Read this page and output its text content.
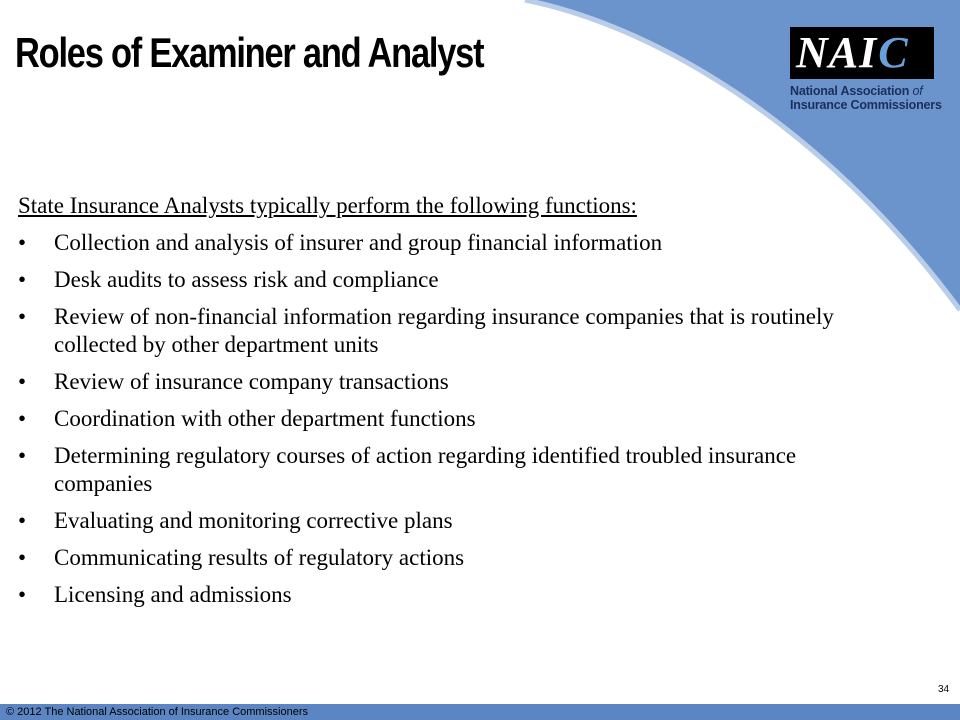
Roles of Examiner and Analyst	NAI C
National Association of
Insurance Commissioners

State Insurance Analysts typically perform the following functions:

• Collection and analysis of insurer and group financial information
• Desk audits to assess risk and compliance
• Review of non-financial information regarding insurance companies that is routinely collected by other department units
• Review of insurance company transactions
• Coordination with other department functions
• Determining regulatory courses of action regarding identified troubled insurance companies
• Evaluating and monitoring corrective plans
• Communicating results of regulatory actions
• Licensing and admissions
34
© 2012 The National Association of Insurance Commissioners
